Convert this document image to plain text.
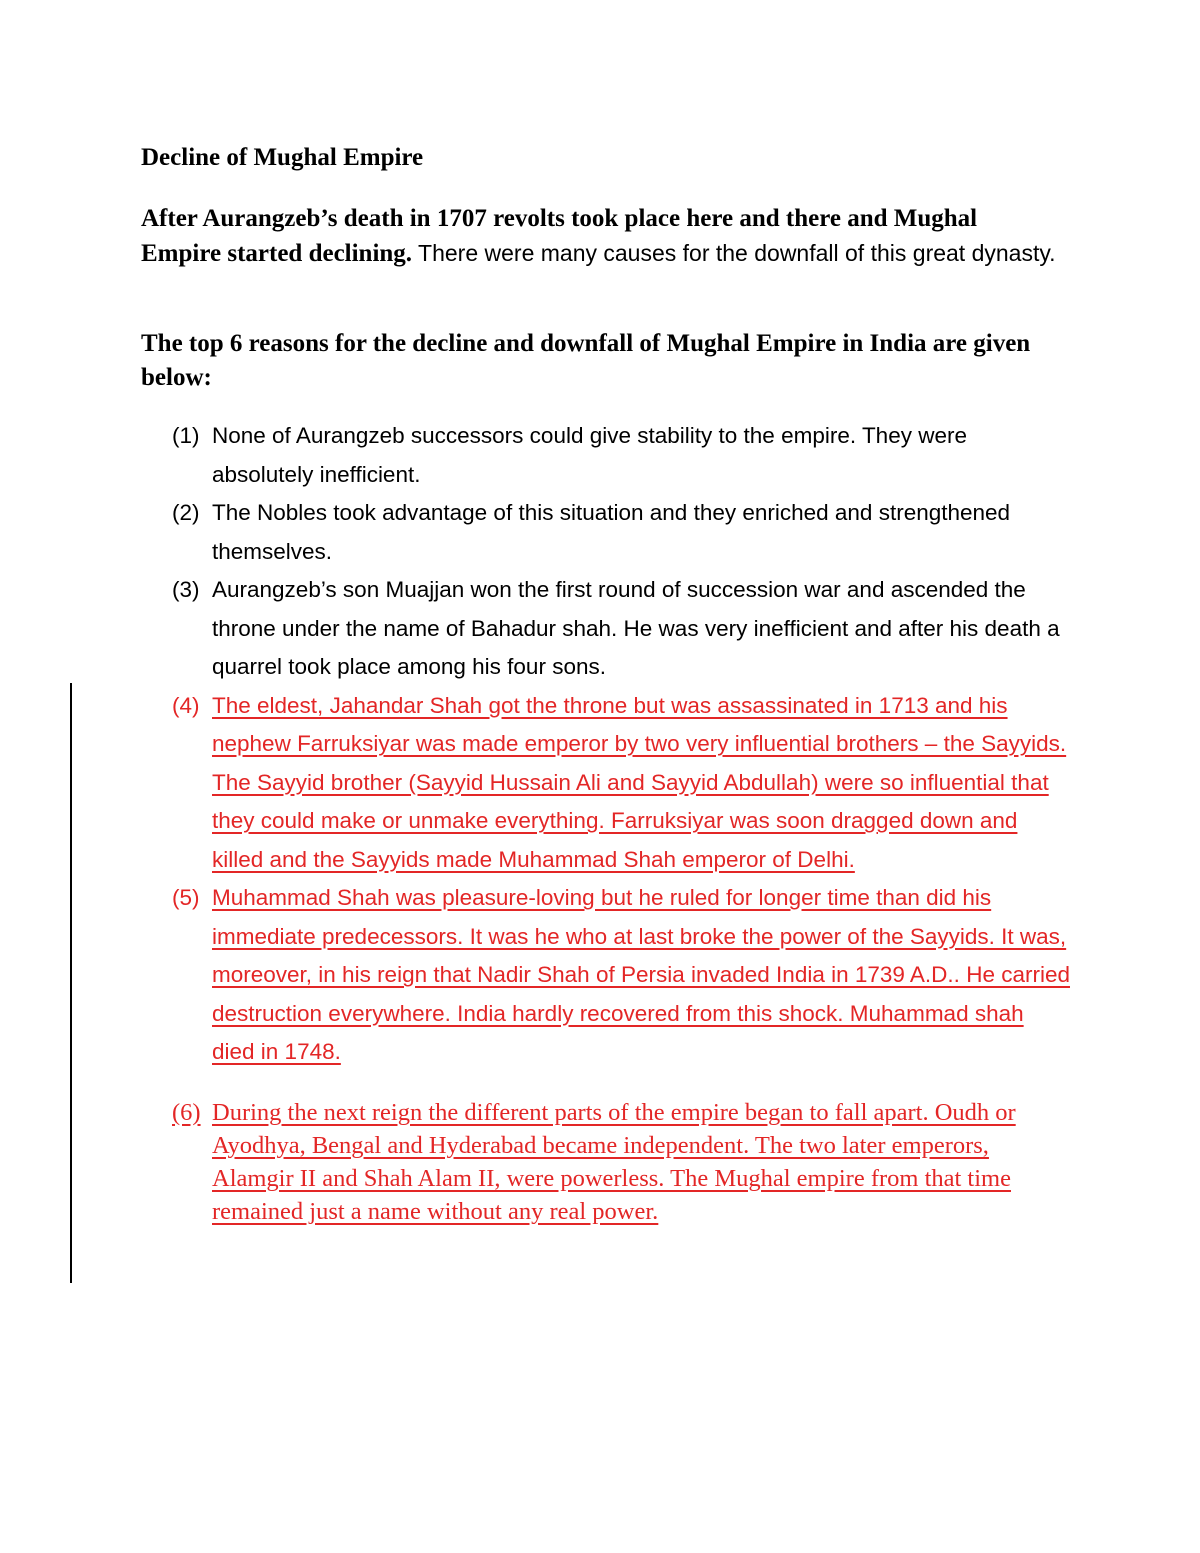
Decline of Mughal Empire

After Aurangzeb’s death in 1707 revolts took place here and there and Mughal Empire started declining. There were many causes for the downfall of this great dynasty.

The top 6 reasons for the decline and downfall of Mughal Empire in India are given below:

(1) None of Aurangzeb successors could give stability to the empire. They were absolutely inefficient.

(2) The Nobles took advantage of this situation and they enriched and strengthened themselves.

(3) Aurangzeb’s son Muajjan won the first round of succession war and ascended the throne under the name of Bahadur shah. He was very inefficient and after his death a quarrel took place among his four sons.

(4) The eldest, Jahandar Shah got the throne but was assassinated in 1713 and his nephew Farruksiyar was made emperor by two very influential brothers – the Sayyids. The Sayyid brother (Sayyid Hussain Ali and Sayyid Abdullah) were so influential that they could make or unmake everything. Farruksiyar was soon dragged down and killed and the Sayyids made Muhammad Shah emperor of Delhi.

(5) Muhammad Shah was pleasure-loving but he ruled for longer time than did his immediate predecessors. It was he who at last broke the power of the Sayyids. It was, moreover, in his reign that Nadir Shah of Persia invaded India in 1739 A.D.. He carried destruction everywhere. India hardly recovered from this shock. Muhammad shah died in 1748.

(6) During the next reign the different parts of the empire began to fall apart. Oudh or Ayodhya, Bengal and Hyderabad became independent. The two later emperors, Alamgir II and Shah Alam II, were powerless. The Mughal empire from that time remained just a name without any real power.
